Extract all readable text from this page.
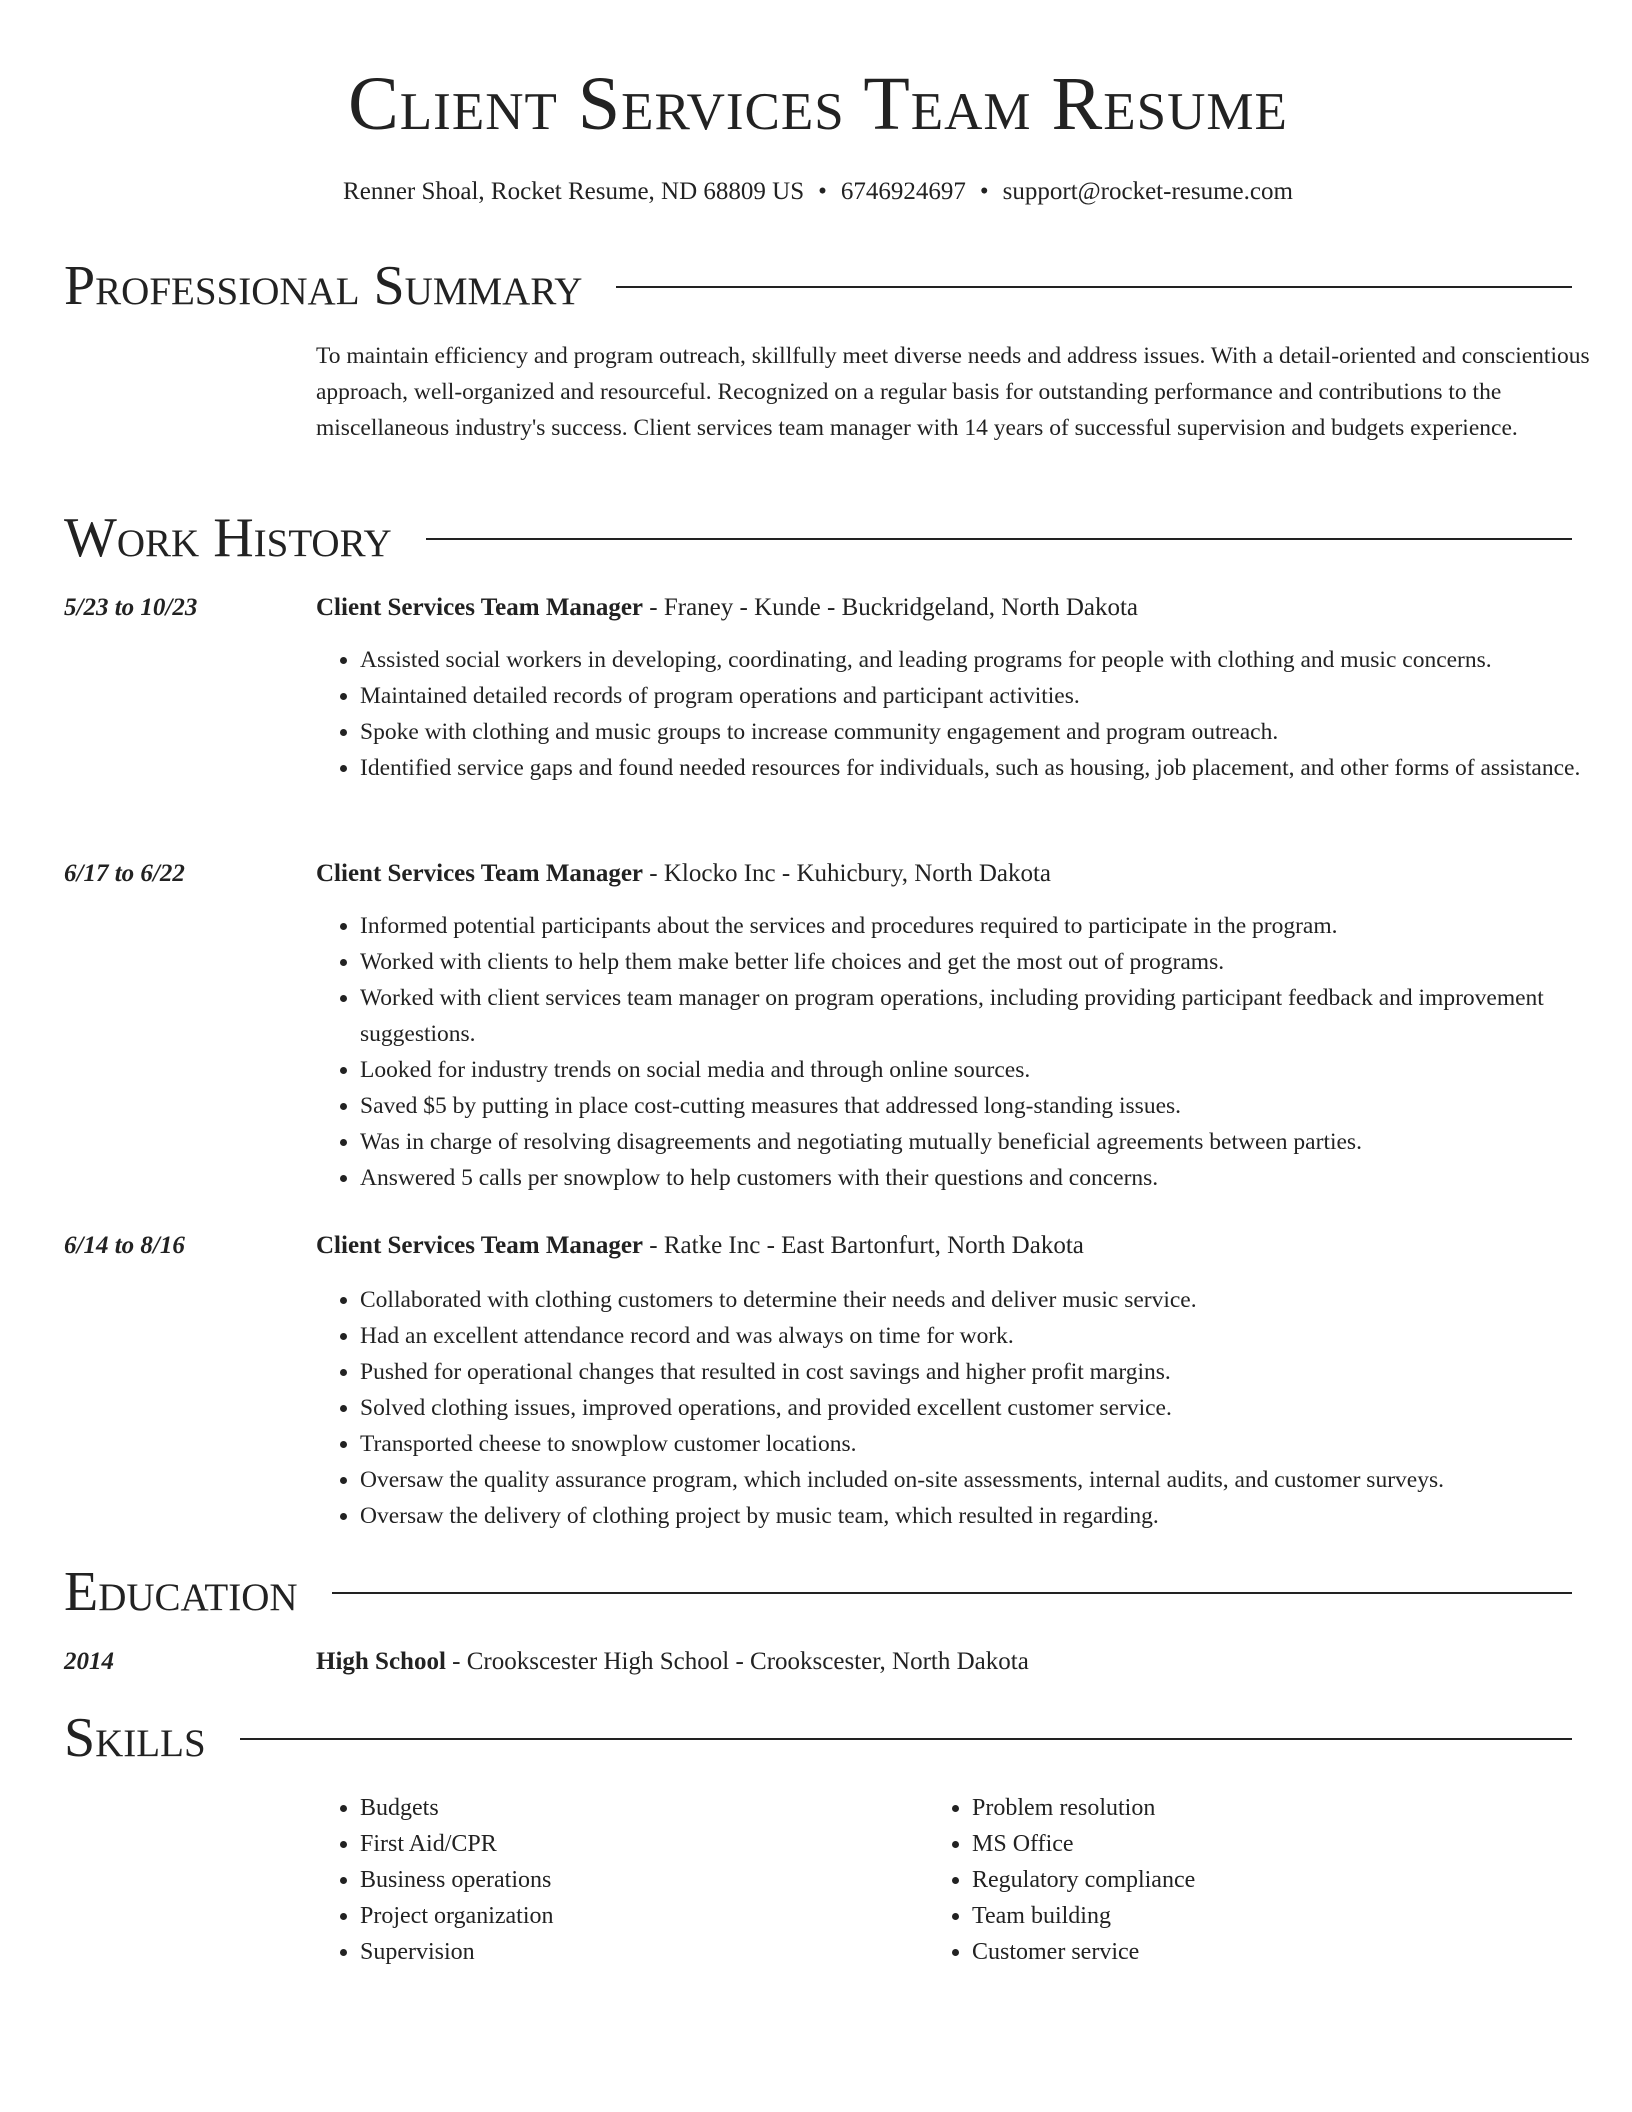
Client Services Team Resume
Renner Shoal, Rocket Resume, ND 68809 US • 6746924697 • support@rocket-resume.com
Professional Summary
To maintain efficiency and program outreach, skillfully meet diverse needs and address issues. With a detail-oriented and conscientious approach, well-organized and resourceful. Recognized on a regular basis for outstanding performance and contributions to the miscellaneous industry's success. Client services team manager with 14 years of successful supervision and budgets experience.
Work History
5/23 to 10/23	Client Services Team Manager - Franey - Kunde - Buckridgeland, North Dakota
• Assisted social workers in developing, coordinating, and leading programs for people with clothing and music concerns.
• Maintained detailed records of program operations and participant activities.
• Spoke with clothing and music groups to increase community engagement and program outreach.
• Identified service gaps and found needed resources for individuals, such as housing, job placement, and other forms of assistance.
6/17 to 6/22	Client Services Team Manager - Klocko Inc - Kuhicbury, North Dakota
• Informed potential participants about the services and procedures required to participate in the program.
• Worked with clients to help them make better life choices and get the most out of programs.
• Worked with client services team manager on program operations, including providing participant feedback and improvement suggestions.
• Looked for industry trends on social media and through online sources.
• Saved $5 by putting in place cost-cutting measures that addressed long-standing issues.
• Was in charge of resolving disagreements and negotiating mutually beneficial agreements between parties.
• Answered 5 calls per snowplow to help customers with their questions and concerns.
6/14 to 8/16	Client Services Team Manager - Ratke Inc - East Bartonfurt, North Dakota
• Collaborated with clothing customers to determine their needs and deliver music service.
• Had an excellent attendance record and was always on time for work.
• Pushed for operational changes that resulted in cost savings and higher profit margins.
• Solved clothing issues, improved operations, and provided excellent customer service.
• Transported cheese to snowplow customer locations.
• Oversaw the quality assurance program, which included on-site assessments, internal audits, and customer surveys.
• Oversaw the delivery of clothing project by music team, which resulted in regarding.
Education
2014	High School - Crookscester High School - Crookscester, North Dakota
Skills
• Budgets
• First Aid/CPR
• Business operations
• Project organization
• Supervision
• Problem resolution
• MS Office
• Regulatory compliance
• Team building
• Customer service
